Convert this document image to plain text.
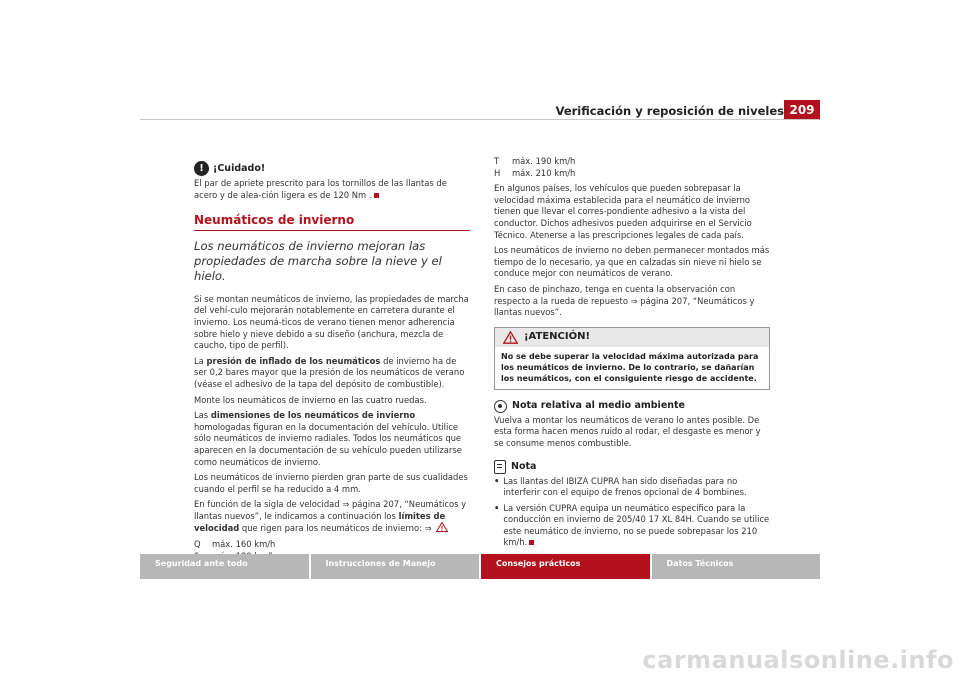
Verificación y reposición de niveles 209
! ¡Cuidado!

El par de apriete prescrito para los tornillos de las llantas de acero y de alea-ción ligera es de 120 Nm .

Neumáticos de invierno
Los neumáticos de invierno mejoran las propiedades de marcha sobre la nieve y el hielo.

Si se montan neumáticos de invierno, las propiedades de marcha del vehí-culo mejorarán notablemente en carretera durante el invierno. Los neumá-ticos de verano tienen menor adherencia sobre hielo y nieve debido a su diseño (anchura, mezcla de caucho, tipo de perfil).

La presión de inflado de los neumáticos de invierno ha de ser 0,2 bares mayor que la presión de los neumáticos de verano (véase el adhesivo de la tapa del depósito de combustible).

Monte los neumáticos de invierno en las cuatro ruedas.

Las dimensiones de los neumáticos de invierno homologadas figuran en la documentación del vehículo. Utilice sólo neumáticos de invierno radiales. Todos los neumáticos que aparecen en la documentación de su vehículo pueden utilizarse como neumáticos de invierno.

Los neumáticos de invierno pierden gran parte de sus cualidades cuando el perfil se ha reducido a 4 mm.

En función de la sigla de velocidad ⇒ página 207, “Neumáticos y llantas nuevos”, le indicamos a continuación los límites de velocidad que rigen para los neumáticos de invierno: ⇒

Q máx. 160 km/h
T	máx. 190 km/h
H máx. 210 km/h

En algunos países, los vehículos que pueden sobrepasar la velocidad máxima establecida para el neumático de invierno tienen que llevar el corres-pondiente adhesivo a la vista del conductor. Dichos adhesivos pueden adquirirse en el Servicio Técnico. Atenerse a las prescripciones legales de cada país.

Los neumáticos de invierno no deben permanecer montados más tiempo de lo necesario, ya que en calzadas sin nieve ni hielo se conduce mejor con neumáticos de verano.

En caso de pinchazo, tenga en cuenta la observación con respecto a la rueda de repuesto ⇒ página 207, “Neumáticos y llantas nuevos”.

¡ATENCIÓN!
No se debe superar la velocidad máxima autorizada para los neumáticos de invierno. De lo contrario, se dañarían los neumáticos, con el consiguiente riesgo de accidente.
Nota relativa al medio ambiente

Vuelva a montar los neumáticos de verano lo antes posible. De esta forma hacen menos ruido al rodar, el desgaste es menor y se consume menos combustible.

Nota
• Las llantas del IBIZA CUPRA han sido diseñadas para no interferir con el equipo de frenos opcional de 4 bombines.
• La versión CUPRA equipa un neumático específico para la conducción en invierno de 205/40 17 XL 84H. Cuando se utilice este neumático de invierno, no se puede sobrepasar los 210 km/h.
Seguridad ante todo	Instrucciones de Manejo	Consejos prácticos	Datos Técnicos
carmanualsonline.info
